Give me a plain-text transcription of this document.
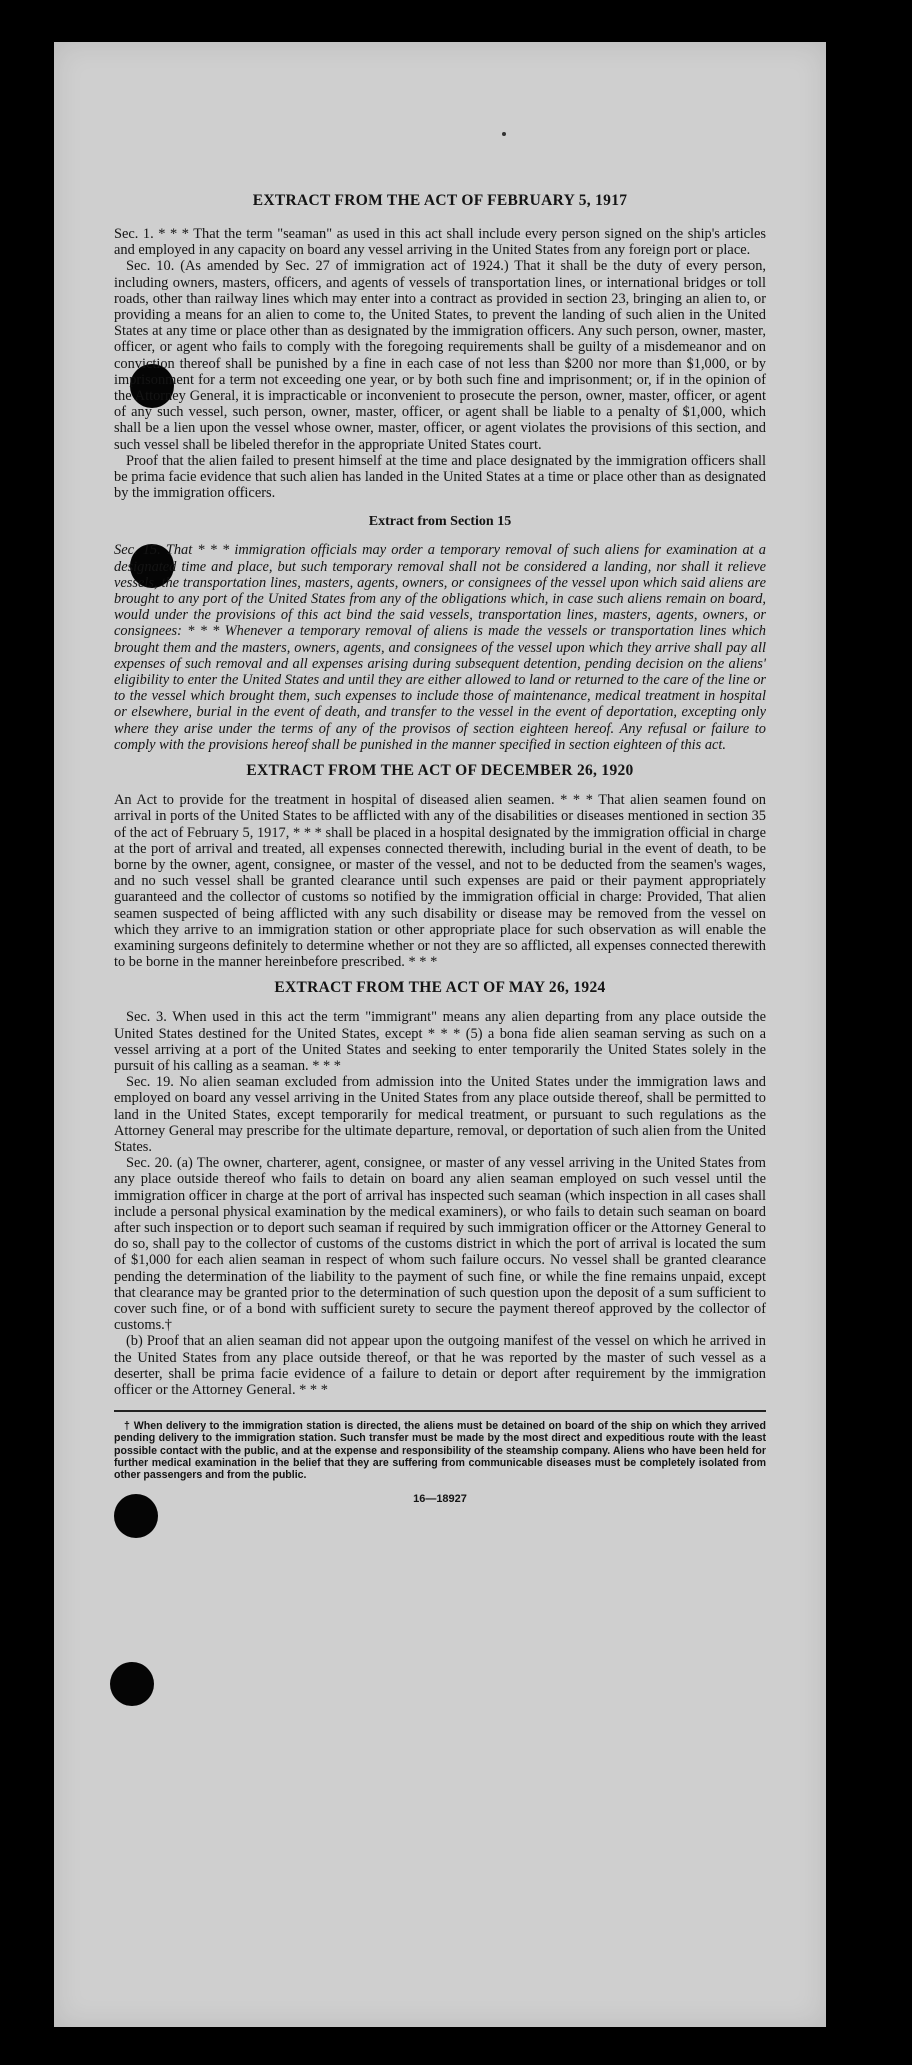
EXTRACT FROM THE ACT OF FEBRUARY 5, 1917

Sec. 1. * * * That the term "seaman" as used in this act shall include every person signed on the ship's articles and employed in any capacity on board any vessel arriving in the United States from any foreign port or place.

Sec. 10. (As amended by Sec. 27 of immigration act of 1924.) That it shall be the duty of every person, including owners, masters, officers, and agents of vessels of transportation lines, or international bridges or toll roads, other than railway lines which may enter into a contract as provided in section 23, bringing an alien to, or providing a means for an alien to come to, the United States, to prevent the landing of such alien in the United States at any time or place other than as designated by the immigration officers. Any such person, owner, master, officer, or agent who fails to comply with the foregoing requirements shall be guilty of a misdemeanor and on conviction thereof shall be punished by a fine in each case of not less than $200 nor more than $1,000, or by imprisonment for a term not exceeding one year, or by both such fine and imprisonment; or, if in the opinion of the Attorney General, it is impracticable or inconvenient to prosecute the person, owner, master, officer, or agent of any such vessel, such person, owner, master, officer, or agent shall be liable to a penalty of $1,000, which shall be a lien upon the vessel whose owner, master, officer, or agent violates the provisions of this section, and such vessel shall be libeled therefor in the appropriate United States court.

Proof that the alien failed to present himself at the time and place designated by the immigration officers shall be prima facie evidence that such alien has landed in the United States at a time or place other than as designated by the immigration officers.

Extract from Section 15

Sec. 15. That * * * immigration officials may order a temporary removal of such aliens for examination at a designated time and place, but such temporary removal shall not be considered a landing, nor shall it relieve vessels, the transportation lines, masters, agents, owners, or consignees of the vessel upon which said aliens are brought to any port of the United States from any of the obligations which, in case such aliens remain on board, would under the provisions of this act bind the said vessels, transportation lines, masters, agents, owners, or consignees: * * * Whenever a temporary removal of aliens is made the vessels or transportation lines which brought them and the masters, owners, agents, and consignees of the vessel upon which they arrive shall pay all expenses of such removal and all expenses arising during subsequent detention, pending decision on the aliens' eligibility to enter the United States and until they are either allowed to land or returned to the care of the line or to the vessel which brought them, such expenses to include those of maintenance, medical treatment in hospital or elsewhere, burial in the event of death, and transfer to the vessel in the event of deportation, excepting only where they arise under the terms of any of the provisos of section eighteen hereof. Any refusal or failure to comply with the provisions hereof shall be punished in the manner specified in section eighteen of this act.

EXTRACT FROM THE ACT OF DECEMBER 26, 1920

An Act to provide for the treatment in hospital of diseased alien seamen. * * * That alien seamen found on arrival in ports of the United States to be afflicted with any of the disabilities or diseases mentioned in section 35 of the act of February 5, 1917, * * * shall be placed in a hospital designated by the immigration official in charge at the port of arrival and treated, all expenses connected therewith, including burial in the event of death, to be borne by the owner, agent, consignee, or master of the vessel, and not to be deducted from the seamen's wages, and no such vessel shall be granted clearance until such expenses are paid or their payment appropriately guaranteed and the collector of customs so notified by the immigration official in charge: Provided, That alien seamen suspected of being afflicted with any such disability or disease may be removed from the vessel on which they arrive to an immigration station or other appropriate place for such observation as will enable the examining surgeons definitely to determine whether or not they are so afflicted, all expenses connected therewith to be borne in the manner hereinbefore prescribed. * * *

EXTRACT FROM THE ACT OF MAY 26, 1924

Sec. 3. When used in this act the term "immigrant" means any alien departing from any place outside the United States destined for the United States, except * * * (5) a bona fide alien seaman serving as such on a vessel arriving at a port of the United States and seeking to enter temporarily the United States solely in the pursuit of his calling as a seaman. * * *

Sec. 19. No alien seaman excluded from admission into the United States under the immigration laws and employed on board any vessel arriving in the United States from any place outside thereof, shall be permitted to land in the United States, except temporarily for medical treatment, or pursuant to such regulations as the Attorney General may prescribe for the ultimate departure, removal, or deportation of such alien from the United States.

Sec. 20. (a) The owner, charterer, agent, consignee, or master of any vessel arriving in the United States from any place outside thereof who fails to detain on board any alien seaman employed on such vessel until the immigration officer in charge at the port of arrival has inspected such seaman (which inspection in all cases shall include a personal physical examination by the medical examiners), or who fails to detain such seaman on board after such inspection or to deport such seaman if required by such immigration officer or the Attorney General to do so, shall pay to the collector of customs of the customs district in which the port of arrival is located the sum of $1,000 for each alien seaman in respect of whom such failure occurs. No vessel shall be granted clearance pending the determination of the liability to the payment of such fine, or while the fine remains unpaid, except that clearance may be granted prior to the determination of such question upon the deposit of a sum sufficient to cover such fine, or of a bond with sufficient surety to secure the payment thereof approved by the collector of customs.†

(b) Proof that an alien seaman did not appear upon the outgoing manifest of the vessel on which he arrived in the United States from any place outside thereof, or that he was reported by the master of such vessel as a deserter, shall be prima facie evidence of a failure to detain or deport after requirement by the immigration officer or the Attorney General. * * *

† When delivery to the immigration station is directed, the aliens must be detained on board of the ship on which they arrived pending delivery to the immigration station. Such transfer must be made by the most direct and expeditious route with the least possible contact with the public, and at the expense and responsibility of the steamship company. Aliens who have been held for further medical examination in the belief that they are suffering from communicable diseases must be completely isolated from other passengers and from the public.

16—18927
